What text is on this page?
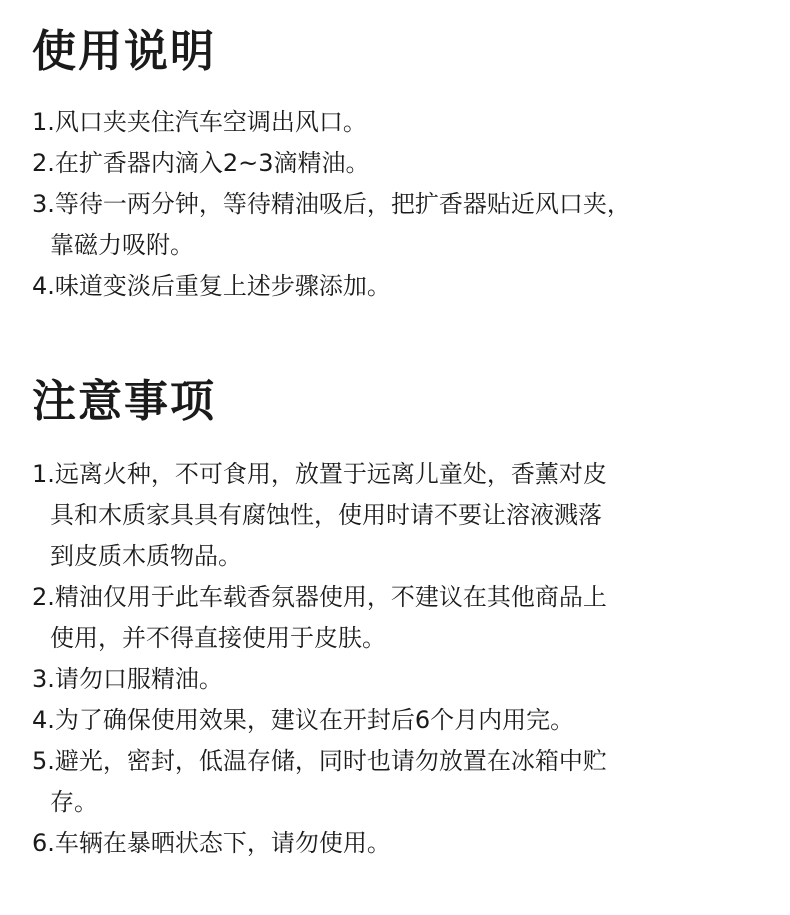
使用说明
1.风口夹夹住汽车空调出风口。
2.在扩香器内滴入2~3滴精油。
3.等待一两分钟，等待精油吸后，把扩香器贴近风口夹，
靠磁力吸附。
4.味道变淡后重复上述步骤添加。
注意事项
1.远离火种，不可食用，放置于远离儿童处，香薰对皮
具和木质家具具有腐蚀性，使用时请不要让溶液溅落
到皮质木质物品。
2.精油仅用于此车载香氛器使用，不建议在其他商品上
使用，并不得直接使用于皮肤。
3.请勿口服精油。
4.为了确保使用效果，建议在开封后6个月内用完。
5.避光，密封，低温存储，同时也请勿放置在冰箱中贮
存。
6.车辆在暴晒状态下，请勿使用。
